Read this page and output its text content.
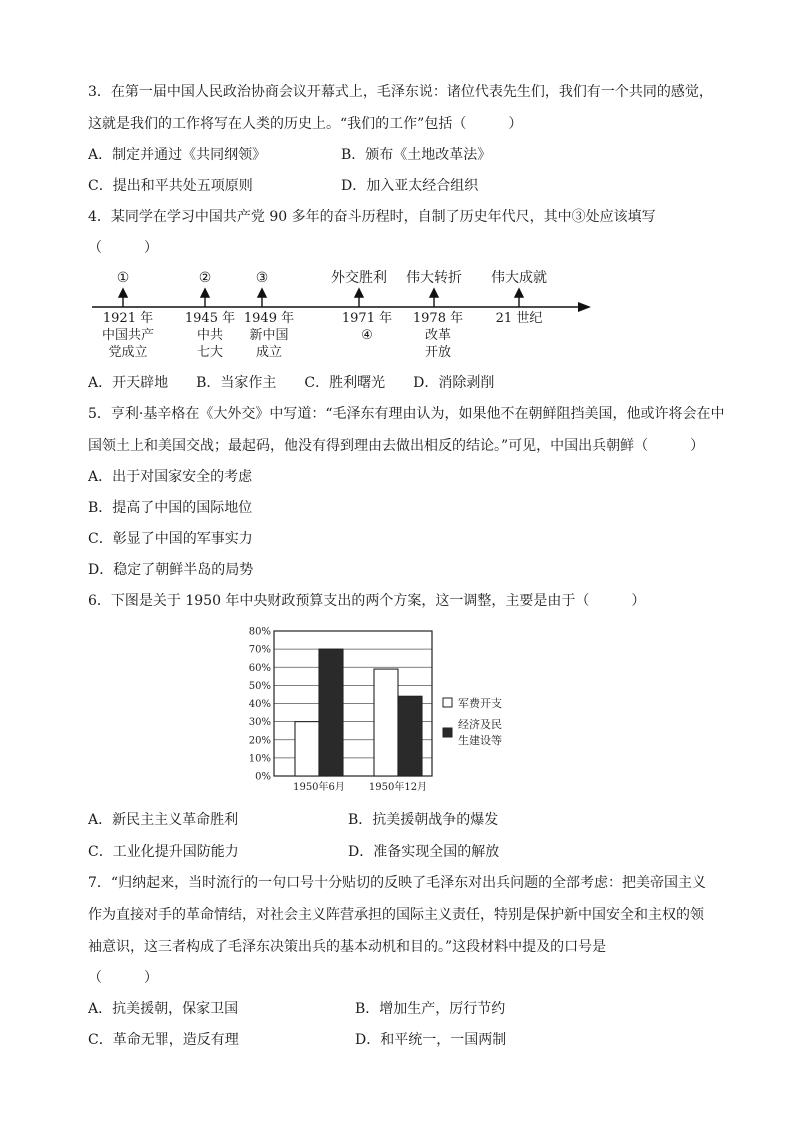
3．在第一届中国人民政治协商会议开幕式上，毛泽东说：诸位代表先生们，我们有一个共同的感觉，
这就是我们的工作将写在人类的历史上。“我们的工作”包括（　　　）
A．制定并通过《共同纲领》	B．颁布《土地改革法》
C．提出和平共处五项原则	D．加入亚太经合组织
4．某同学在学习中国共产党 90 多年的奋斗历程时，自制了历史年代尺，其中③处应该填写
（　　　）
①	②	③	外交胜利	伟大转折	伟大成就
1921 年
中国共产
党成立
1945 年
中共
七大
1949 年
新中国
成立
1971 年
④
1978 年
改革
开放
21 世纪
A．开天辟地　　B．当家作主　　C．胜利曙光　　D．消除剥削
5．亨利·基辛格在《大外交》中写道：“毛泽东有理由认为，如果他不在朝鲜阻挡美国，他或许将会在中
国领土上和美国交战；最起码，他没有得到理由去做出相反的结论。”可见，中国出兵朝鲜（　　　）
A．出于对国家安全的考虑
B．提高了中国的国际地位
C．彰显了中国的军事实力
D．稳定了朝鲜半岛的局势
6．下图是关于 1950 年中央财政预算支出的两个方案，这一调整，主要是由于（　　　）
80%
70%
60%
50%
40%
30%
20%
10%
0%
1950年6月 1950年12月
军费开支
经济及民
生建设等
A．新民主主义革命胜利	B．抗美援朝战争的爆发
C．工业化提升国防能力	D．准备实现全国的解放
7．“归纳起来，当时流行的一句口号十分贴切的反映了毛泽东对出兵问题的全部考虑：把美帝国主义
作为直接对手的革命情结，对社会主义阵营承担的国际主义责任，特别是保护新中国安全和主权的领
袖意识，这三者构成了毛泽东决策出兵的基本动机和目的。”这段材料中提及的口号是
（　　　）
A．抗美援朝，保家卫国	B．增加生产，厉行节约
C．革命无罪，造反有理	D．和平统一，一国两制
